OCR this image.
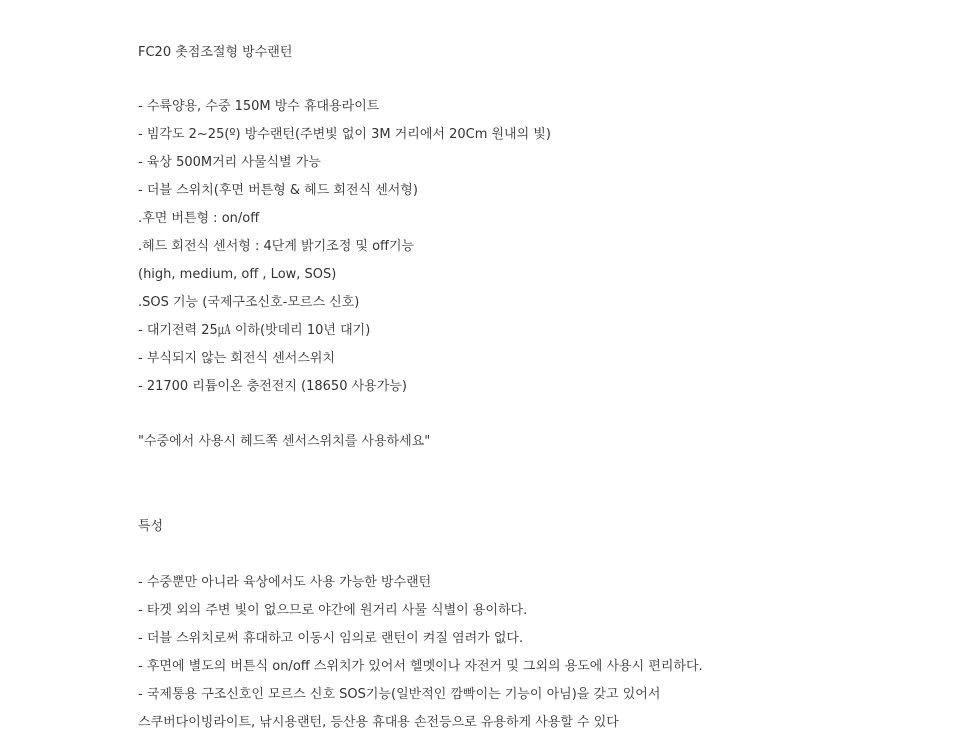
FC20 촛점조절형 방수랜턴
- 수륙양용, 수중 150M 방수 휴대용라이트
- 빔각도 2~25(º) 방수랜턴(주변빛 없이 3M 거리에서 20Cm 원내의 빛)
- 육상 500M거리 사물식별 가능
- 더블 스위치(후면 버튼형 & 헤드 회전식 센서형)
.후면 버튼형 : on/off
.헤드 회전식 센서형 : 4단계 밝기조정 및 off기능
(high, medium, off , Low, SOS)
.SOS 기능 (국제구조신호-모르스 신호)
- 대기전력 25㎂ 이하(밧데리 10년 대기)
- 부식되지 않는 회전식 센서스위치
- 21700 리튬이온 충전전지 (18650 사용가능)
"수중에서 사용시 헤드쪽 센서스위치를 사용하세요"
특성
- 수중뿐만 아니라 육상에서도 사용 가능한 방수랜턴
- 타겟 외의 주변 빛이 없으므로 야간에 원거리 사물 식별이 용이하다.
- 더블 스위치로써 휴대하고 이동시 임의로 랜턴이 켜질 염려가 없다.
- 후면에 별도의 버튼식 on/off 스위치가 있어서 헬멧이나 자전거 및 그외의 용도에 사용시 편리하다.
- 국제통용 구조신호인 모르스 신호 SOS기능(일반적인 깜빡이는 기능이 아님)을 갖고 있어서
스쿠버다이빙라이트, 낚시용랜턴, 등산용 휴대용 손전등으로 유용하게 사용할 수 있다
